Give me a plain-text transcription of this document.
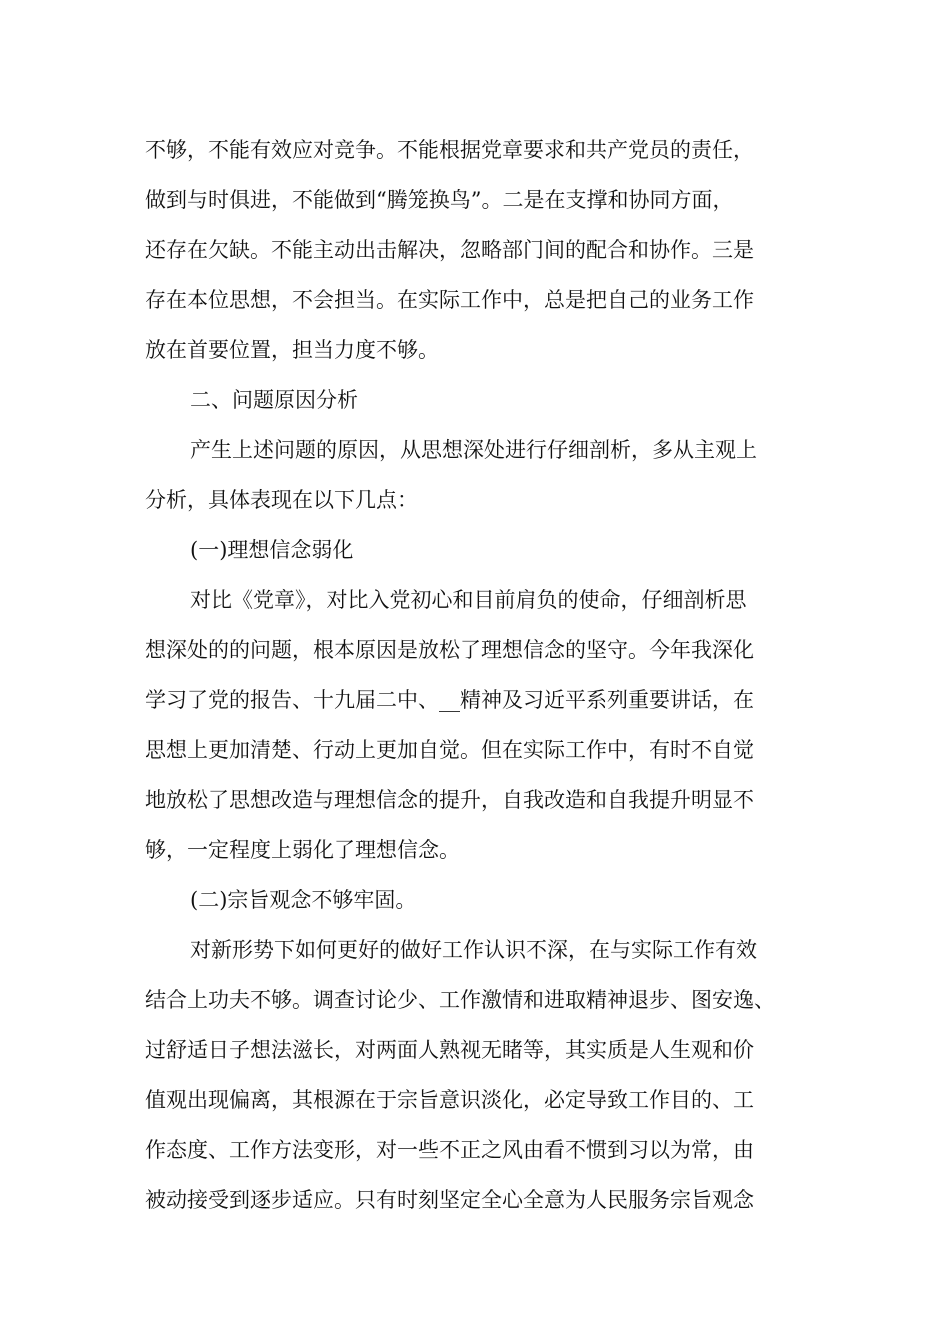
不够，不能有效应对竞争。不能根据党章要求和共产党员的责任，
做到与时俱进，不能做到“腾笼换鸟”。二是在支撑和协同方面，
还存在欠缺。不能主动出击解决，忽略部门间的配合和协作。三是
存在本位思想，不会担当。在实际工作中，总是把自己的业务工作
放在首要位置，担当力度不够。
二、问题原因分析
产生上述问题的原因，从思想深处进行仔细剖析，多从主观上
分析，具体表现在以下几点：
(一)理想信念弱化
对比《党章》，对比入党初心和目前肩负的使命，仔细剖析思
想深处的的问题，根本原因是放松了理想信念的坚守。今年我深化
学习了党的报告、十九届二中、__精神及习近平系列重要讲话，在
思想上更加清楚、行动上更加自觉。但在实际工作中，有时不自觉
地放松了思想改造与理想信念的提升，自我改造和自我提升明显不
够，一定程度上弱化了理想信念。
(二)宗旨观念不够牢固。
对新形势下如何更好的做好工作认识不深，在与实际工作有效
结合上功夫不够。调查讨论少、工作激情和进取精神退步、图安逸、
过舒适日子想法滋长，对两面人熟视无睹等，其实质是人生观和价
值观出现偏离，其根源在于宗旨意识淡化，必定导致工作目的、工
作态度、工作方法变形，对一些不正之风由看不惯到习以为常，由
被动接受到逐步适应。只有时刻坚定全心全意为人民服务宗旨观念
